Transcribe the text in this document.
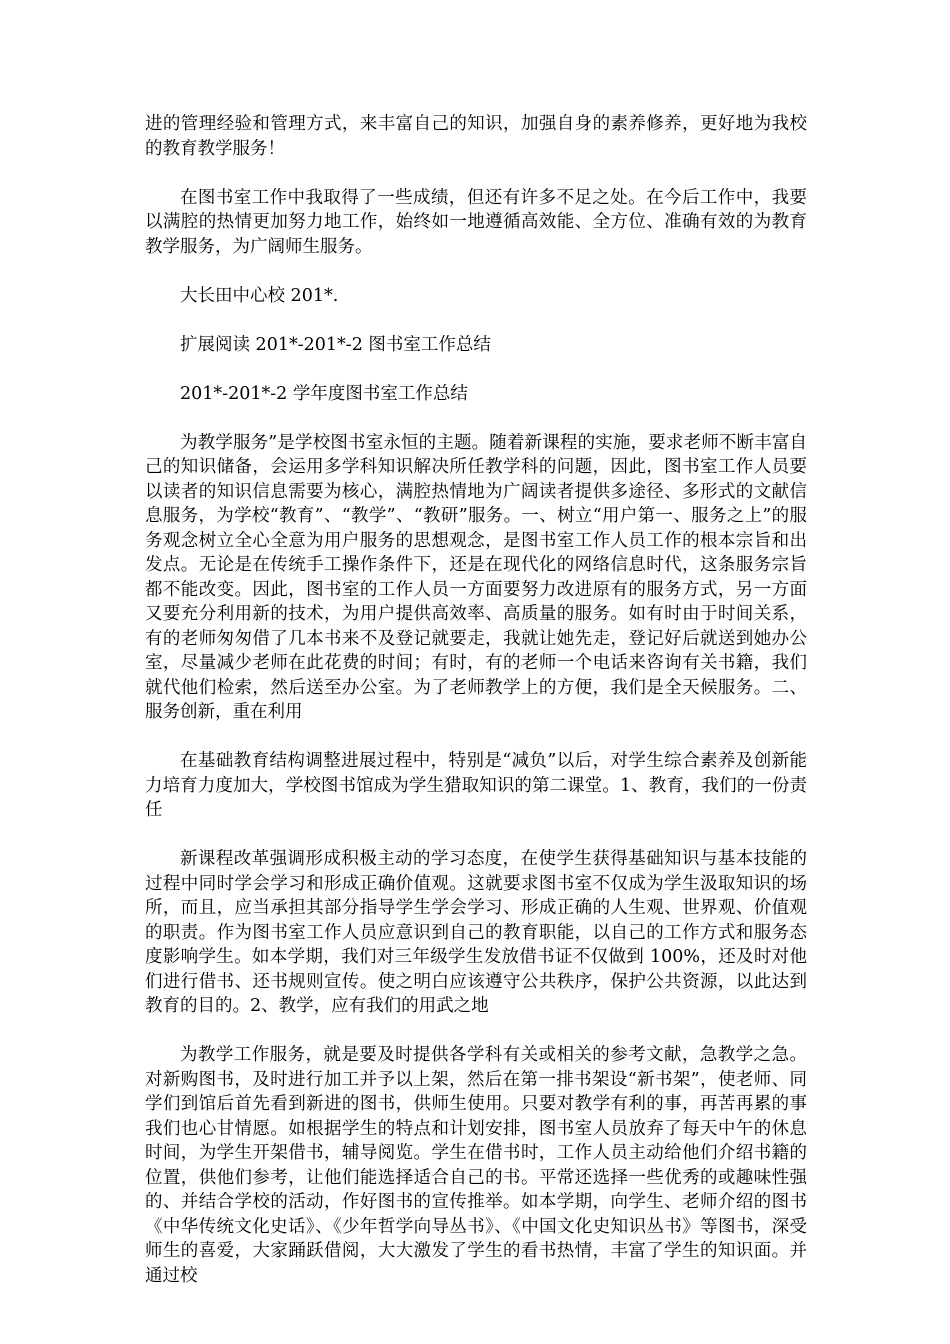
进的管理经验和管理方式，来丰富自己的知识，加强自身的素养修养，更好地为我校的教育教学服务！

在图书室工作中我取得了一些成绩，但还有许多不足之处。在今后工作中，我要以满腔的热情更加努力地工作，始终如一地遵循高效能、全方位、准确有效的为教育教学服务，为广阔师生服务。

大长田中心校 201*.

扩展阅读 201*-201*-2 图书室工作总结

201*-201*-2 学年度图书室工作总结

为教学服务”是学校图书室永恒的主题。随着新课程的实施，要求老师不断丰富自己的知识储备，会运用多学科知识解决所任教学科的问题，因此，图书室工作人员要以读者的知识信息需要为核心，满腔热情地为广阔读者提供多途径、多形式的文献信息服务，为学校“教育”、“教学”、“教研”服务。一、树立“用户第一、服务之上”的服务观念树立全心全意为用户服务的思想观念，是图书室工作人员工作的根本宗旨和出发点。无论是在传统手工操作条件下，还是在现代化的网络信息时代，这条服务宗旨都不能改变。因此，图书室的工作人员一方面要努力改进原有的服务方式，另一方面又要充分利用新的技术，为用户提供高效率、高质量的服务。如有时由于时间关系，有的老师匆匆借了几本书来不及登记就要走，我就让她先走，登记好后就送到她办公室，尽量减少老师在此花费的时间；有时，有的老师一个电话来咨询有关书籍，我们就代他们检索，然后送至办公室。为了老师教学上的方便，我们是全天候服务。二、服务创新，重在利用

在基础教育结构调整进展过程中，特别是“减负”以后，对学生综合素养及创新能力培育力度加大，学校图书馆成为学生猎取知识的第二课堂。1、教育，我们的一份责任

新课程改革强调形成积极主动的学习态度，在使学生获得基础知识与基本技能的过程中同时学会学习和形成正确价值观。这就要求图书室不仅成为学生汲取知识的场所，而且，应当承担其部分指导学生学会学习、形成正确的人生观、世界观、价值观的职责。作为图书室工作人员应意识到自己的教育职能，以自己的工作方式和服务态度影响学生。如本学期，我们对三年级学生发放借书证不仅做到 100%，还及时对他们进行借书、还书规则宣传。使之明白应该遵守公共秩序，保护公共资源，以此达到教育的目的。2、教学，应有我们的用武之地

为教学工作服务，就是要及时提供各学科有关或相关的参考文献，急教学之急。对新购图书，及时进行加工并予以上架，然后在第一排书架设“新书架”，使老师、同学们到馆后首先看到新进的图书，供师生使用。只要对教学有利的事，再苦再累的事我们也心甘情愿。如根据学生的特点和计划安排，图书室人员放弃了每天中午的休息时间，为学生开架借书，辅导阅览。学生在借书时，工作人员主动给他们介绍书籍的位置，供他们参考，让他们能选择适合自己的书。平常还选择一些优秀的或趣味性强的、并结合学校的活动，作好图书的宣传推举。如本学期，向学生、老师介绍的图书《中华传统文化史话》、《少年哲学向导丛书》、《中国文化史知识丛书》等图书，深受师生的喜爱，大家踊跃借阅，大大激发了学生的看书热情，丰富了学生的知识面。并通过校
